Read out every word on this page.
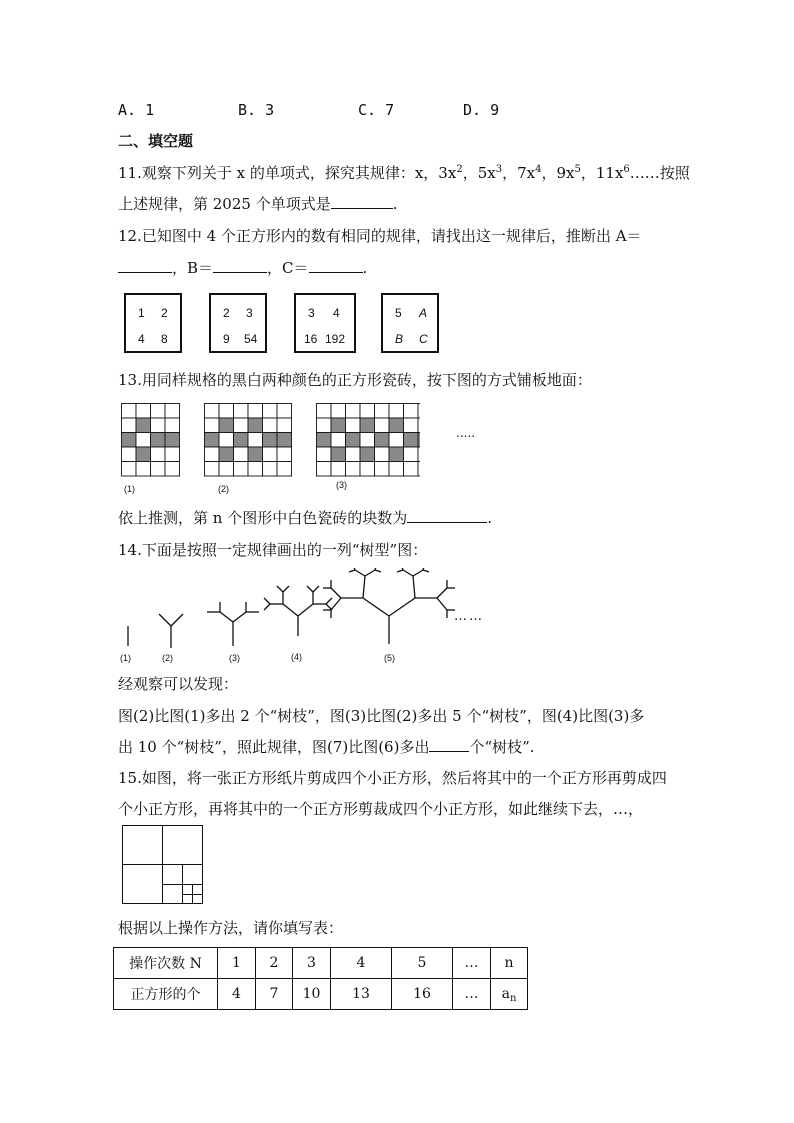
A. 1	B. 3	C. 7	D. 9
二、填空题
11.观察下列关于 x 的单项式，探究其规律：x，$3x^2$，$5x^3$，$7x^4$，$9x^5$，$11x^6\dots\dots$按照
上述规律，第 2025 个单项式是	.
12.已知图中 4 个正方形内的数有相同的规律，请找出这一规律后，推断出 A＝
，B＝	，C＝	.
1 2
4 8
2 3
9 54
3 4
16 192
5 A
B C
13.用同样规格的黑白两种颜色的正方形瓷砖，按下图的方式铺板地面：
(1)	(2)	(3)
.....
依上推测，第 n 个图形中白色瓷砖的块数为	.
14.下面是按照一定规律画出的一列“树型”图：
(1)	(2)	(3)	(4)	(5)
……
经观察可以发现：
图(2)比图(1)多出 2 个“树枝”，图(3)比图(2)多出 5 个“树枝”，图(4)比图(3)多
出 10 个“树枝”，照此规律，图(7)比图(6)多出	个“树枝”.
15.如图，将一张正方形纸片剪成四个小正方形，然后将其中的一个正方形再剪成四
个小正方形，再将其中的一个正方形剪裁成四个小正方形，如此继续下去，…，
根据以上操作方法，请你填写表：
操作次数 N	1	2	3	4	5	…	n
正方形的个	4	7	10	13	16	…	$a_n$
